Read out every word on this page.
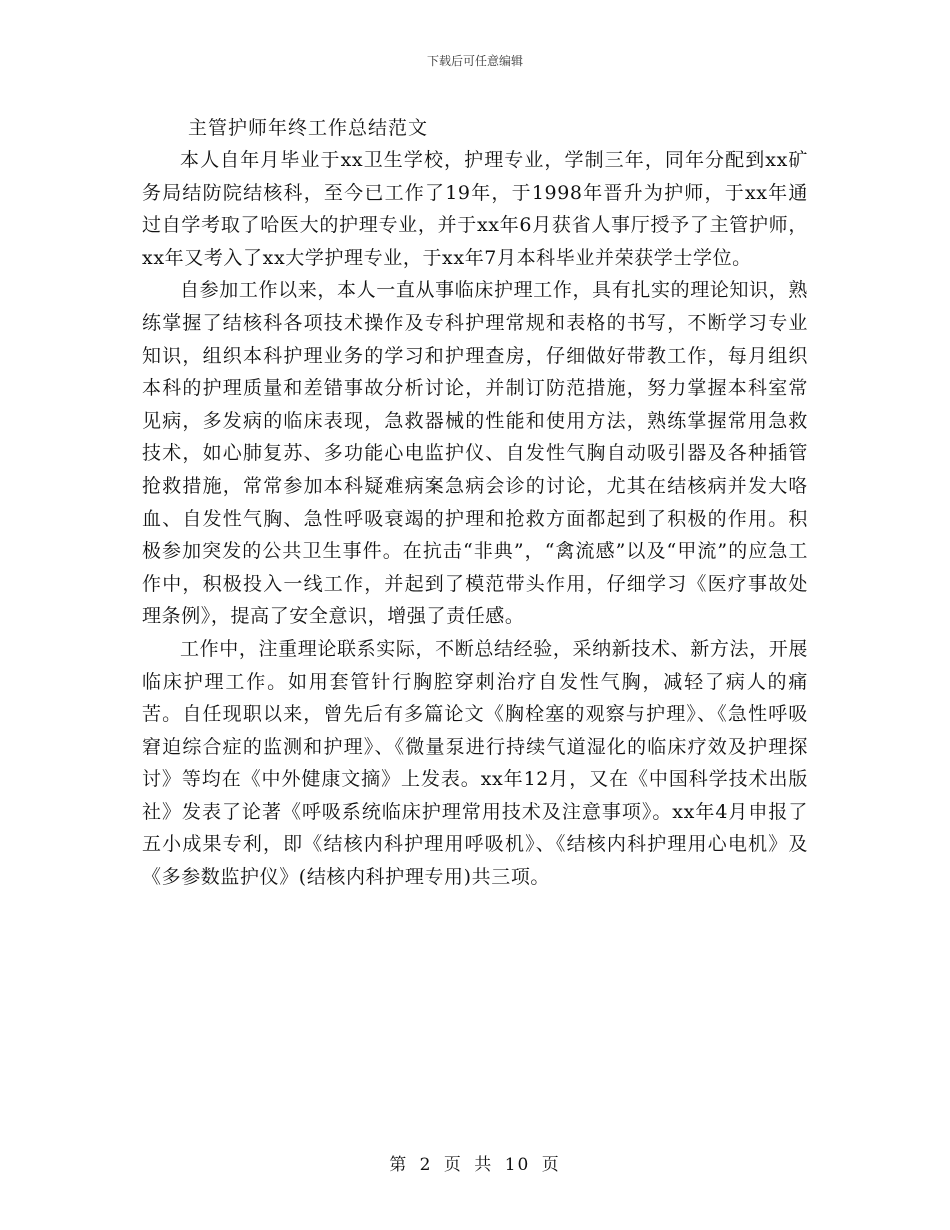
下载后可任意编辑
主管护师年终工作总结范文

本人自年月毕业于xx卫生学校，护理专业，学制三年，同年分配到xx矿务局结防院结核科，至今已工作了19年，于1998年晋升为护师，于xx年通过自学考取了哈医大的护理专业，并于xx年6月获省人事厅授予了主管护师，xx年又考入了xx大学护理专业，于xx年7月本科毕业并荣获学士学位。

自参加工作以来，本人一直从事临床护理工作，具有扎实的理论知识，熟练掌握了结核科各项技术操作及专科护理常规和表格的书写，不断学习专业知识，组织本科护理业务的学习和护理查房，仔细做好带教工作，每月组织本科的护理质量和差错事故分析讨论，并制订防范措施，努力掌握本科室常见病，多发病的临床表现，急救器械的性能和使用方法，熟练掌握常用急救技术，如心肺复苏、多功能心电监护仪、自发性气胸自动吸引器及各种插管抢救措施，常常参加本科疑难病案急病会诊的讨论，尤其在结核病并发大咯血、自发性气胸、急性呼吸衰竭的护理和抢救方面都起到了积极的作用。积极参加突发的公共卫生事件。在抗击“非典”，“禽流感”以及“甲流”的应急工作中，积极投入一线工作，并起到了模范带头作用，仔细学习《医疗事故处理条例》，提高了安全意识，增强了责任感。

工作中，注重理论联系实际，不断总结经验，采纳新技术、新方法，开展临床护理工作。如用套管针行胸腔穿刺治疗自发性气胸，减轻了病人的痛苦。自任现职以来，曾先后有多篇论文《胸栓塞的观察与护理》、《急性呼吸窘迫综合症的监测和护理》、《微量泵进行持续气道湿化的临床疗效及护理探讨》等均在《中外健康文摘》上发表。xx年12月，又在《中国科学技术出版社》发表了论著《呼吸系统临床护理常用技术及注意事项》。xx年4月申报了五小成果专利，即《结核内科护理用呼吸机》、《结核内科护理用心电机》及《多参数监护仪》(结核内科护理专用)共三项。

第 2 页 共 10 页
